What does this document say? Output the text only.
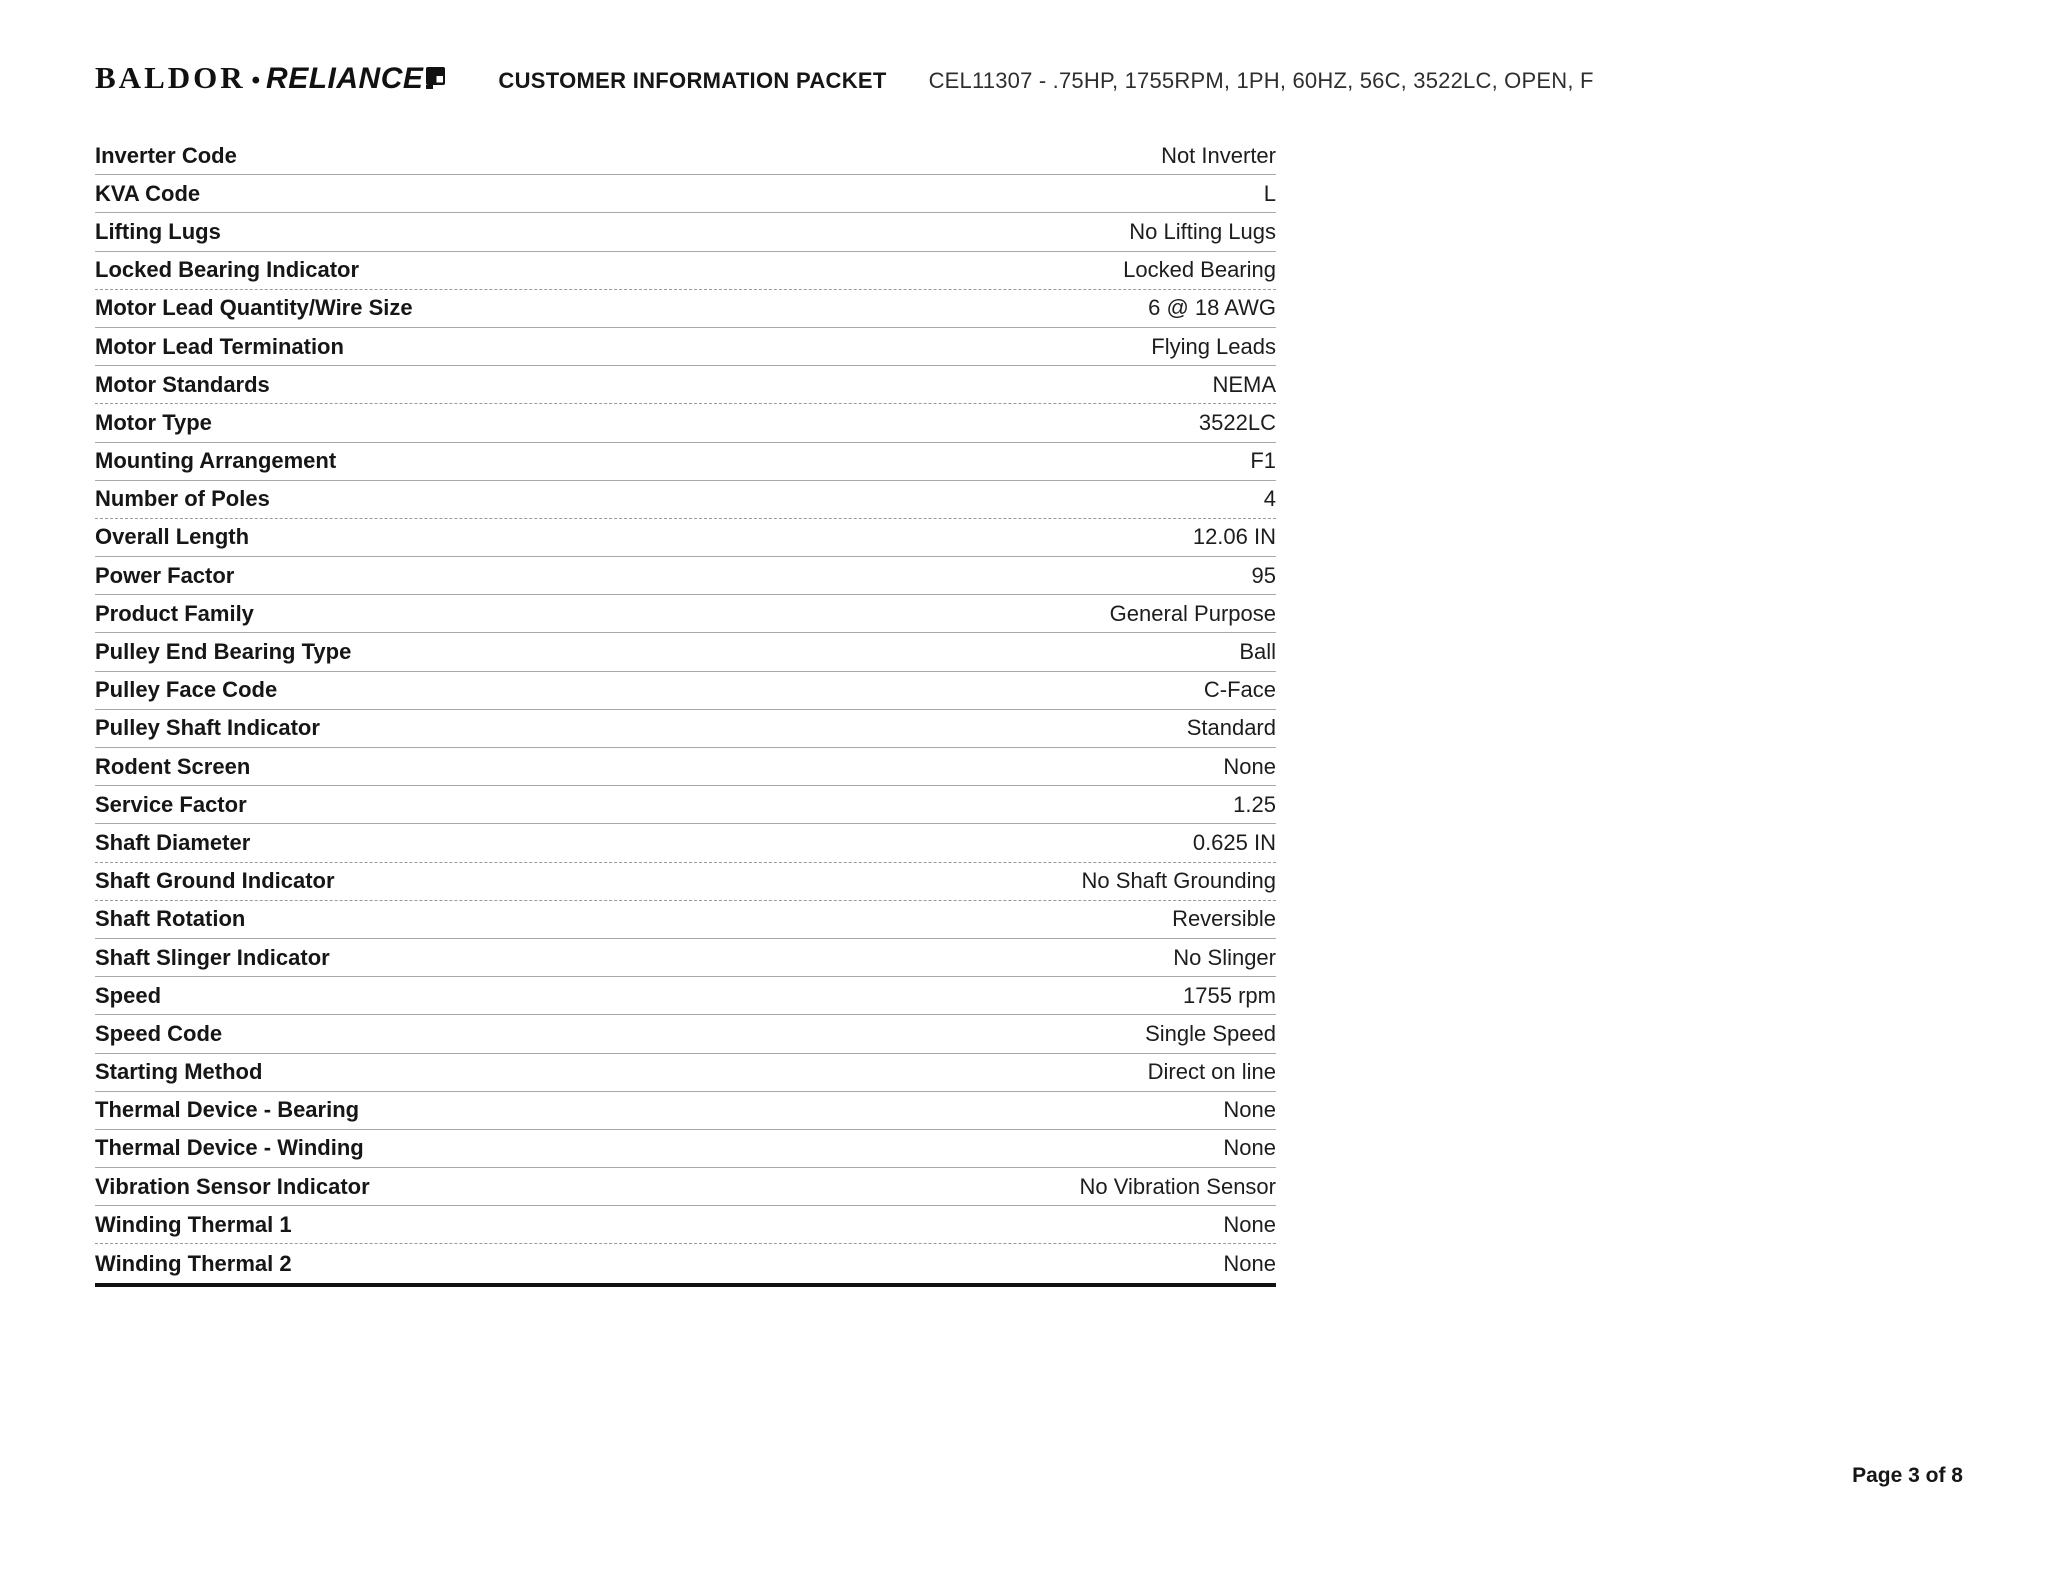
BALDOR • RELIANCE	CUSTOMER INFORMATION PACKET CEL11307 - .75HP, 1755RPM, 1PH, 60HZ, 56C, 3522LC, OPEN, F
Inverter Code	Not Inverter
KVA Code	L
Lifting Lugs	No Lifting Lugs
Locked Bearing Indicator	Locked Bearing
Motor Lead Quantity/Wire Size	6 @ 18 AWG
Motor Lead Termination	Flying Leads
Motor Standards	NEMA
Motor Type	3522LC
Mounting Arrangement	F1
Number of Poles	4
Overall Length	12.06 IN
Power Factor	95
Product Family	General Purpose
Pulley End Bearing Type	Ball
Pulley Face Code	C-Face
Pulley Shaft Indicator	Standard
Rodent Screen	None
Service Factor	1.25
Shaft Diameter	0.625 IN
Shaft Ground Indicator	No Shaft Grounding
Shaft Rotation	Reversible
Shaft Slinger Indicator	No Slinger
Speed	1755 rpm
Speed Code	Single Speed
Starting Method	Direct on line
Thermal Device - Bearing	None
Thermal Device - Winding	None
Vibration Sensor Indicator	No Vibration Sensor
Winding Thermal 1	None
Winding Thermal 2	None
Page 3 of 8
